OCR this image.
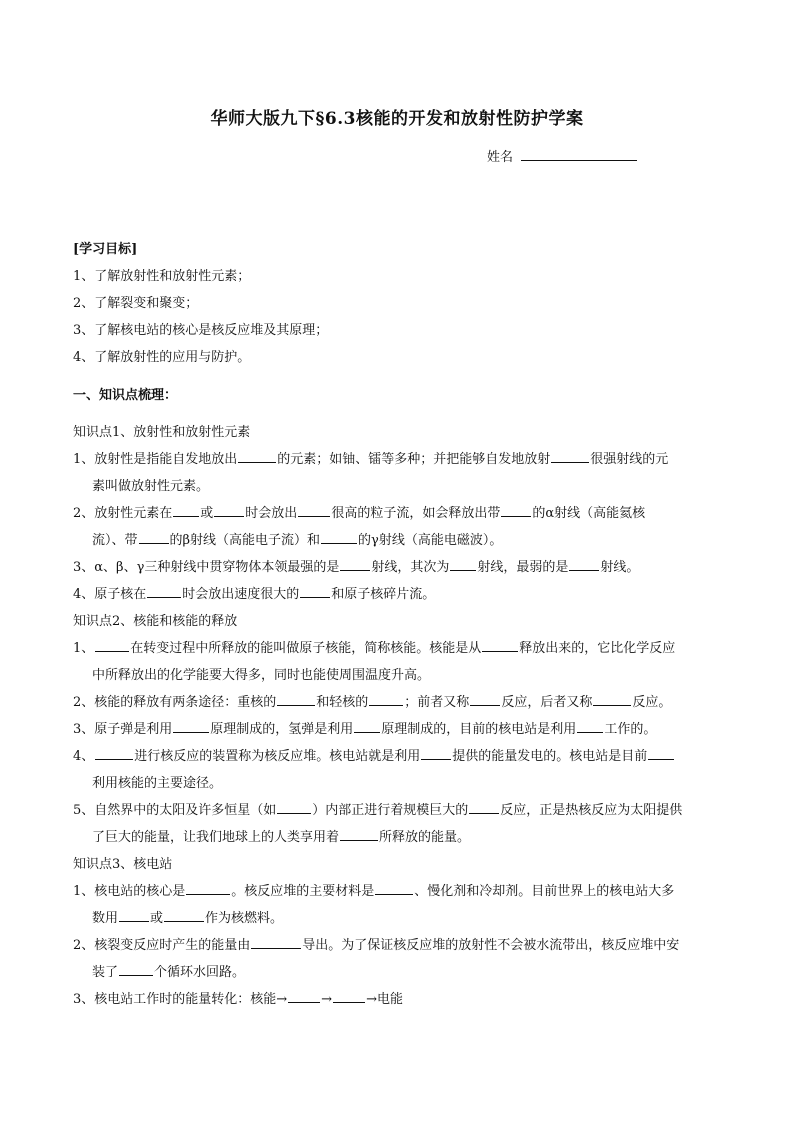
华师大版九下§6.3核能的开发和放射性防护学案
姓名
[学习目标]
1、了解放射性和放射性元素；
2、了解裂变和聚变；
3、了解核电站的核心是核反应堆及其原理；
4、了解放射性的应用与防护。
一、知识点梳理：
知识点1、放射性和放射性元素
1、放射性是指能自发地放出	的元素；如铀、镭等多种；并把能够自发地放射	很强射线的元
素叫做放射性元素。
2、放射性元素在 或 时会放出	很高的粒子流，如会释放出带 的α射线（高能氦核
流）、带 的β射线（高能电子流）和	的γ射线（高能电磁波）。
3、α、β、γ三种射线中贯穿物体本领最强的是 射线，其次为 射线，最弱的是 射线。
4、原子核在	时会放出速度很大的 和原子核碎片流。
知识点2、核能和核能的释放
1、	在转变过程中所释放的能叫做原子核能，简称核能。核能是从	释放出来的，它比化学反应
中所释放出的化学能要大得多，同时也能使周围温度升高。
2、核能的释放有两条途径：重核的	和轻核的	；前者又称 反应，后者又称	反应。
3、原子弹是利用	原理制成的，氢弹是利用 原理制成的，目前的核电站是利用 工作的。
4、	进行核反应的装置称为核反应堆。核电站就是利用 提供的能量发电的。核电站是目前
利用核能的主要途径。
5、自然界中的太阳及许多恒星（如	）内部正进行着规模巨大的 反应，正是热核反应为太阳提供
了巨大的能量，让我们地球上的人类享用着	所释放的能量。
知识点3、核电站
1、核电站的核心是	。核反应堆的主要材料是	、慢化剂和冷却剂。目前世界上的核电站大多
数用 或	作为核燃料。
2、核裂变反应时产生的能量由	导出。为了保证核反应堆的放射性不会被水流带出，核反应堆中安
装了	个循环水回路。
3、核电站工作时的能量转化：核能→	→	→电能
